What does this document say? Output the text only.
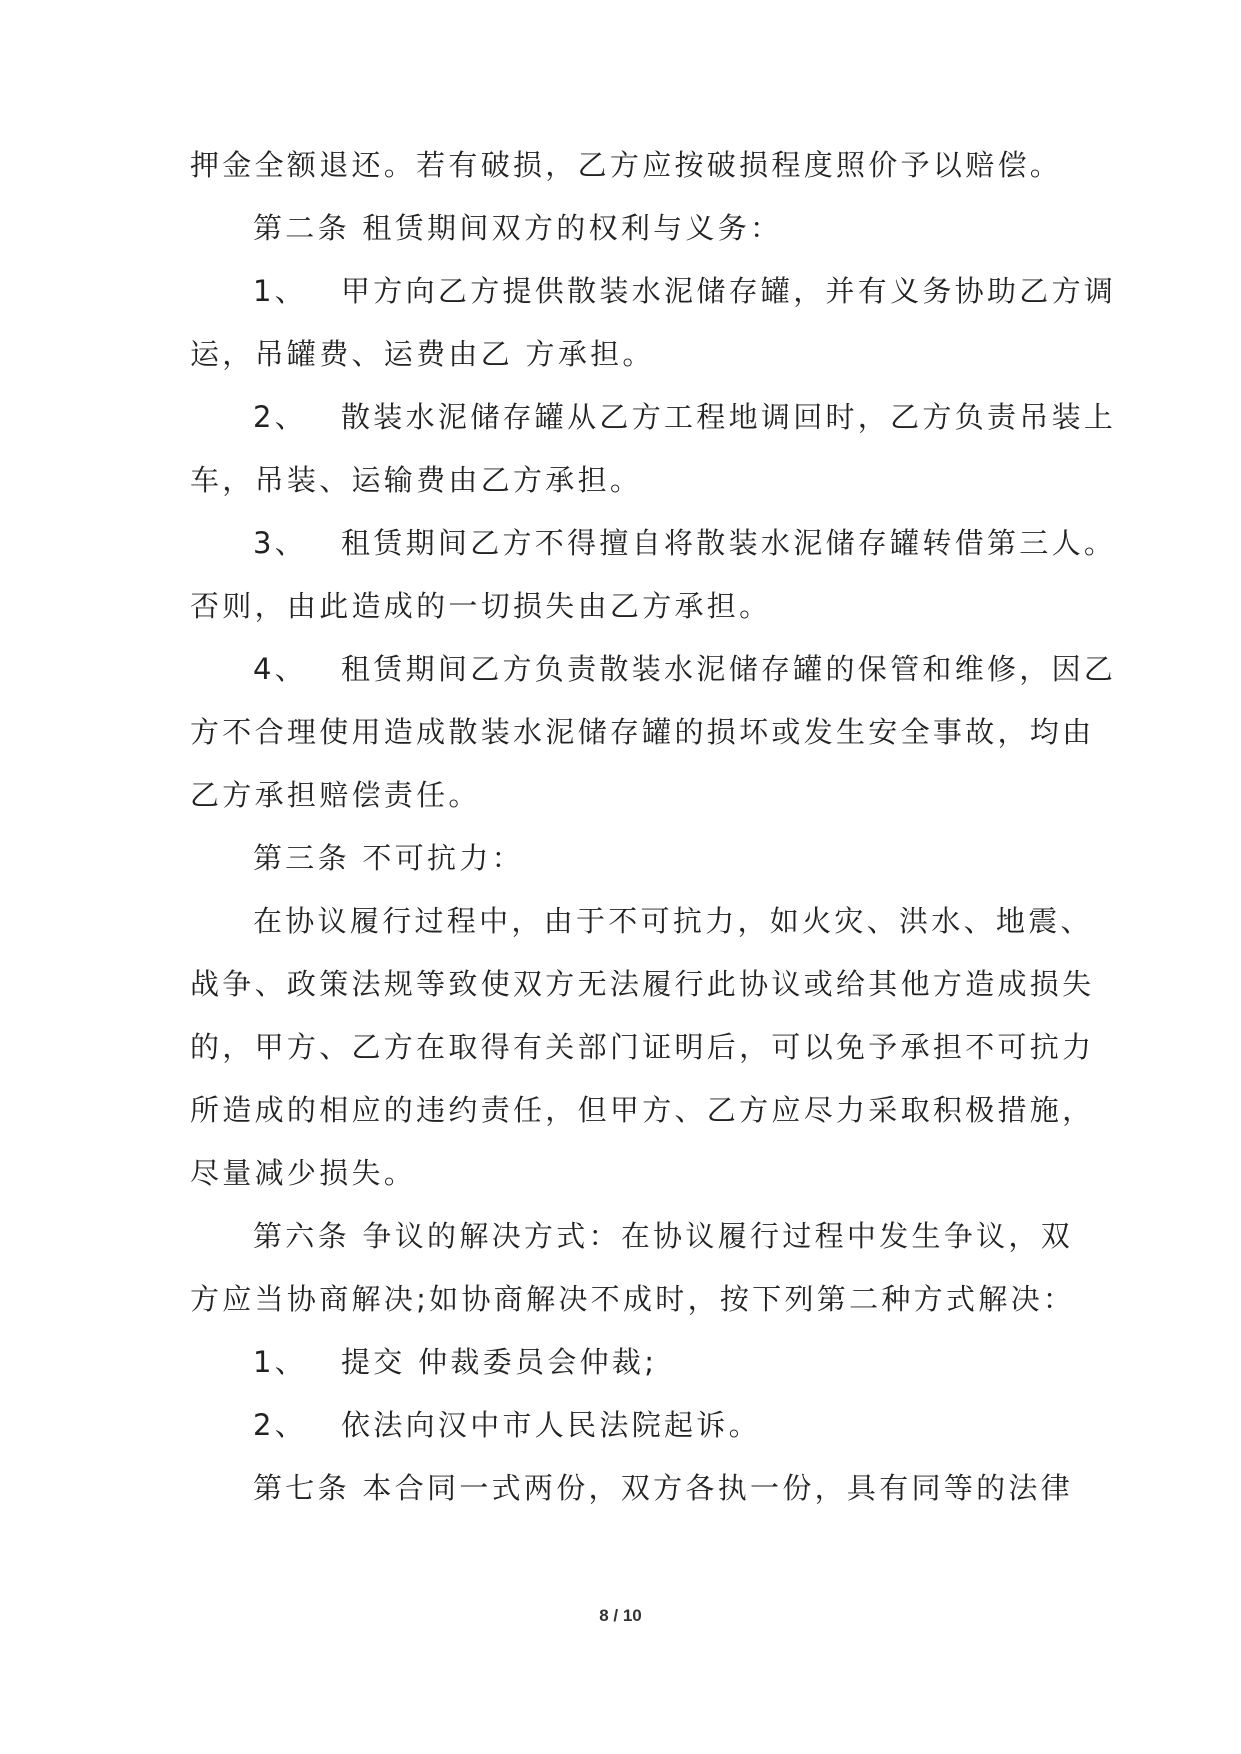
押金全额退还。若有破损，乙方应按破损程度照价予以赔偿。
第二条 租赁期间双方的权利与义务：
1、 甲方向乙方提供散装水泥储存罐，并有义务协助乙方调
运，吊罐费、运费由乙 方承担。
2、 散装水泥储存罐从乙方工程地调回时，乙方负责吊装上
车，吊装、运输费由乙方承担。
3、 租赁期间乙方不得擅自将散装水泥储存罐转借第三人。
否则，由此造成的一切损失由乙方承担。
4、 租赁期间乙方负责散装水泥储存罐的保管和维修，因乙
方不合理使用造成散装水泥储存罐的损坏或发生安全事故，均由
乙方承担赔偿责任。
第三条 不可抗力：
在协议履行过程中，由于不可抗力，如火灾、洪水、地震、
战争、政策法规等致使双方无法履行此协议或给其他方造成损失
的，甲方、乙方在取得有关部门证明后，可以免予承担不可抗力
所造成的相应的违约责任，但甲方、乙方应尽力采取积极措施，
尽量减少损失。
第六条 争议的解决方式：在协议履行过程中发生争议，双
方应当协商解决;如协商解决不成时，按下列第二种方式解决：
1、 提交 仲裁委员会仲裁;
2、 依法向汉中市人民法院起诉。
第七条 本合同一式两份，双方各执一份，具有同等的法律
8 / 10
